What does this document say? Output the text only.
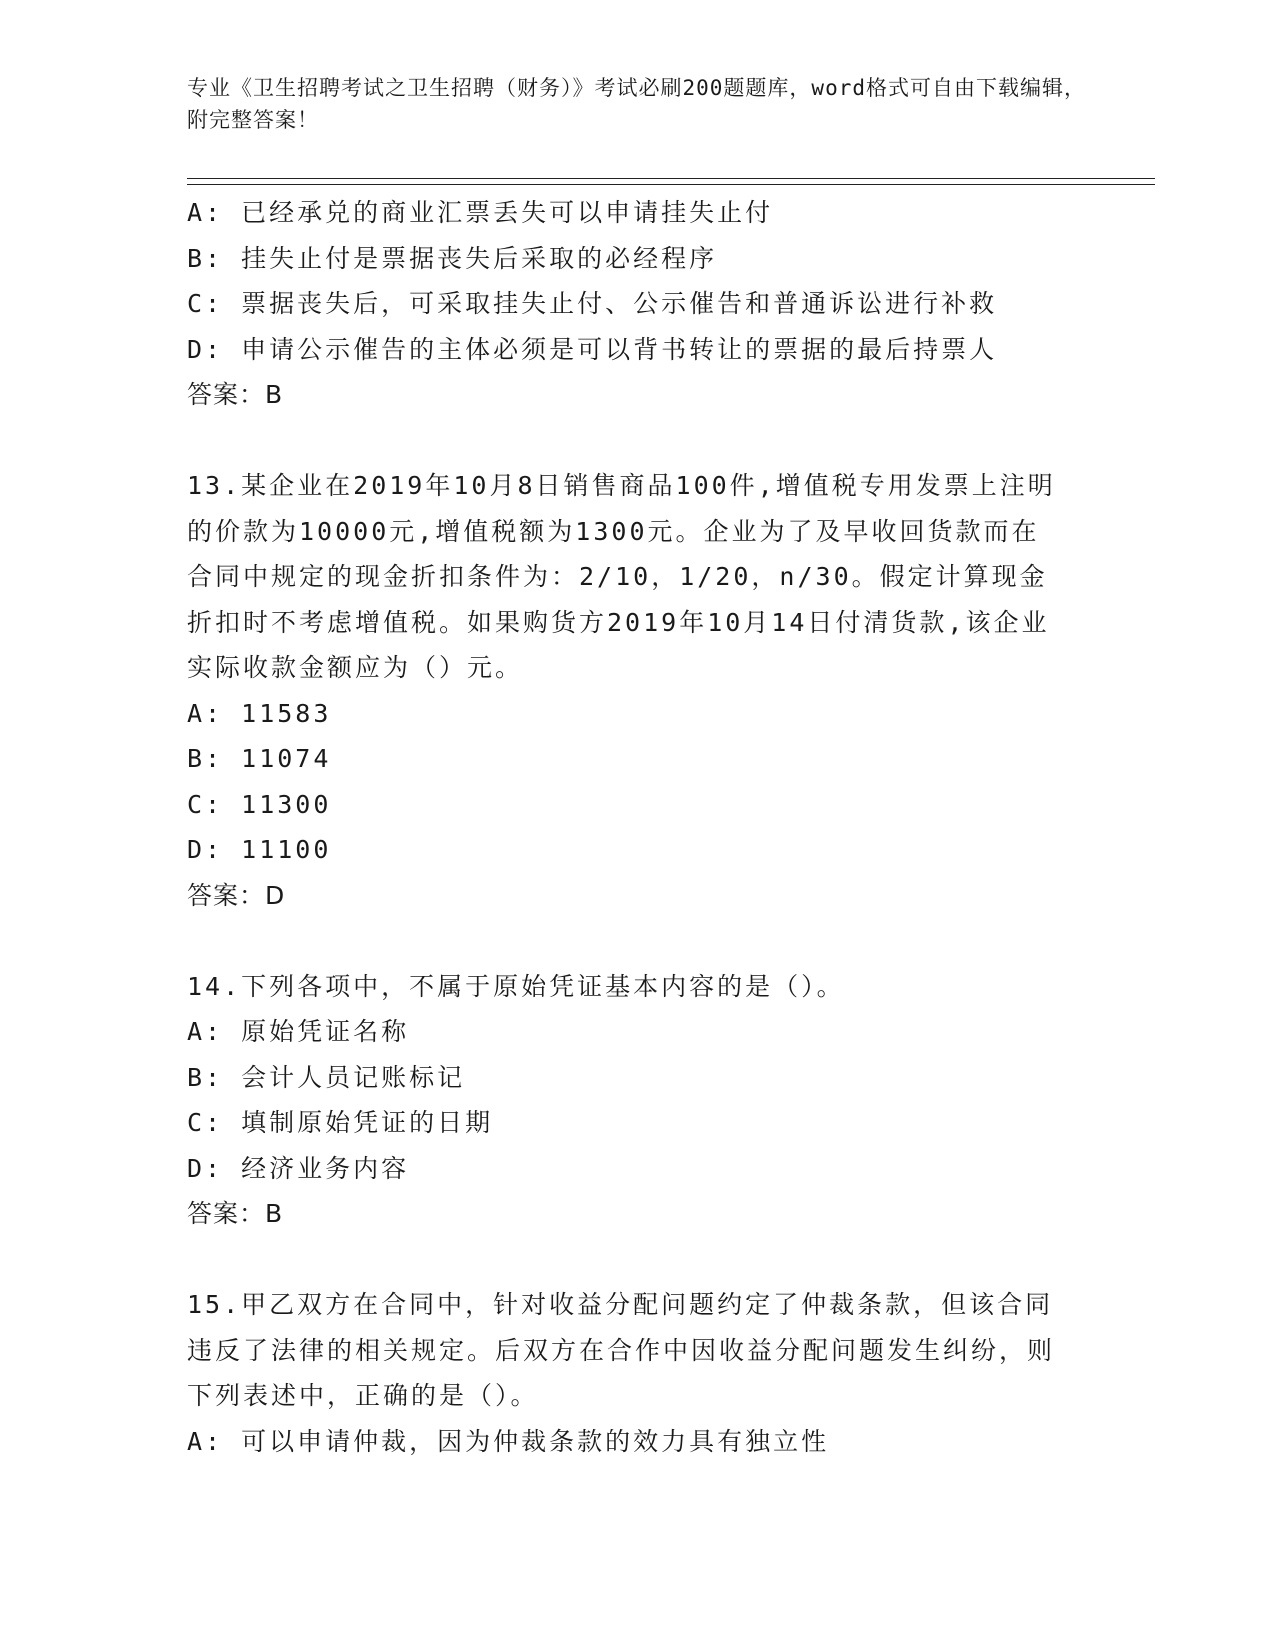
专业《卫生招聘考试之卫生招聘（财务）》考试必刷200题题库，word格式可自由下载编辑，附完整答案！
A: 已经承兑的商业汇票丢失可以申请挂失止付
B: 挂失止付是票据丧失后采取的必经程序
C: 票据丧失后，可采取挂失止付、公示催告和普通诉讼进行补救
D: 申请公示催告的主体必须是可以背书转让的票据的最后持票人
答案：B
13.某企业在2019年10月8日销售商品100件,增值税专用发票上注明的价款为10000元,增值税额为1300元。企业为了及早收回货款而在合同中规定的现金折扣条件为：2/10，1/20，n/30。假定计算现金折扣时不考虑增值税。如果购货方2019年10月14日付清货款,该企业实际收款金额应为（）元。
A: 11583
B: 11074
C: 11300
D: 11100
答案：D
14.下列各项中，不属于原始凭证基本内容的是（）。
A: 原始凭证名称
B: 会计人员记账标记
C: 填制原始凭证的日期
D: 经济业务内容
答案：B
15.甲乙双方在合同中，针对收益分配问题约定了仲裁条款，但该合同违反了法律的相关规定。后双方在合作中因收益分配问题发生纠纷，则下列表述中，正确的是（）。
A: 可以申请仲裁，因为仲裁条款的效力具有独立性
